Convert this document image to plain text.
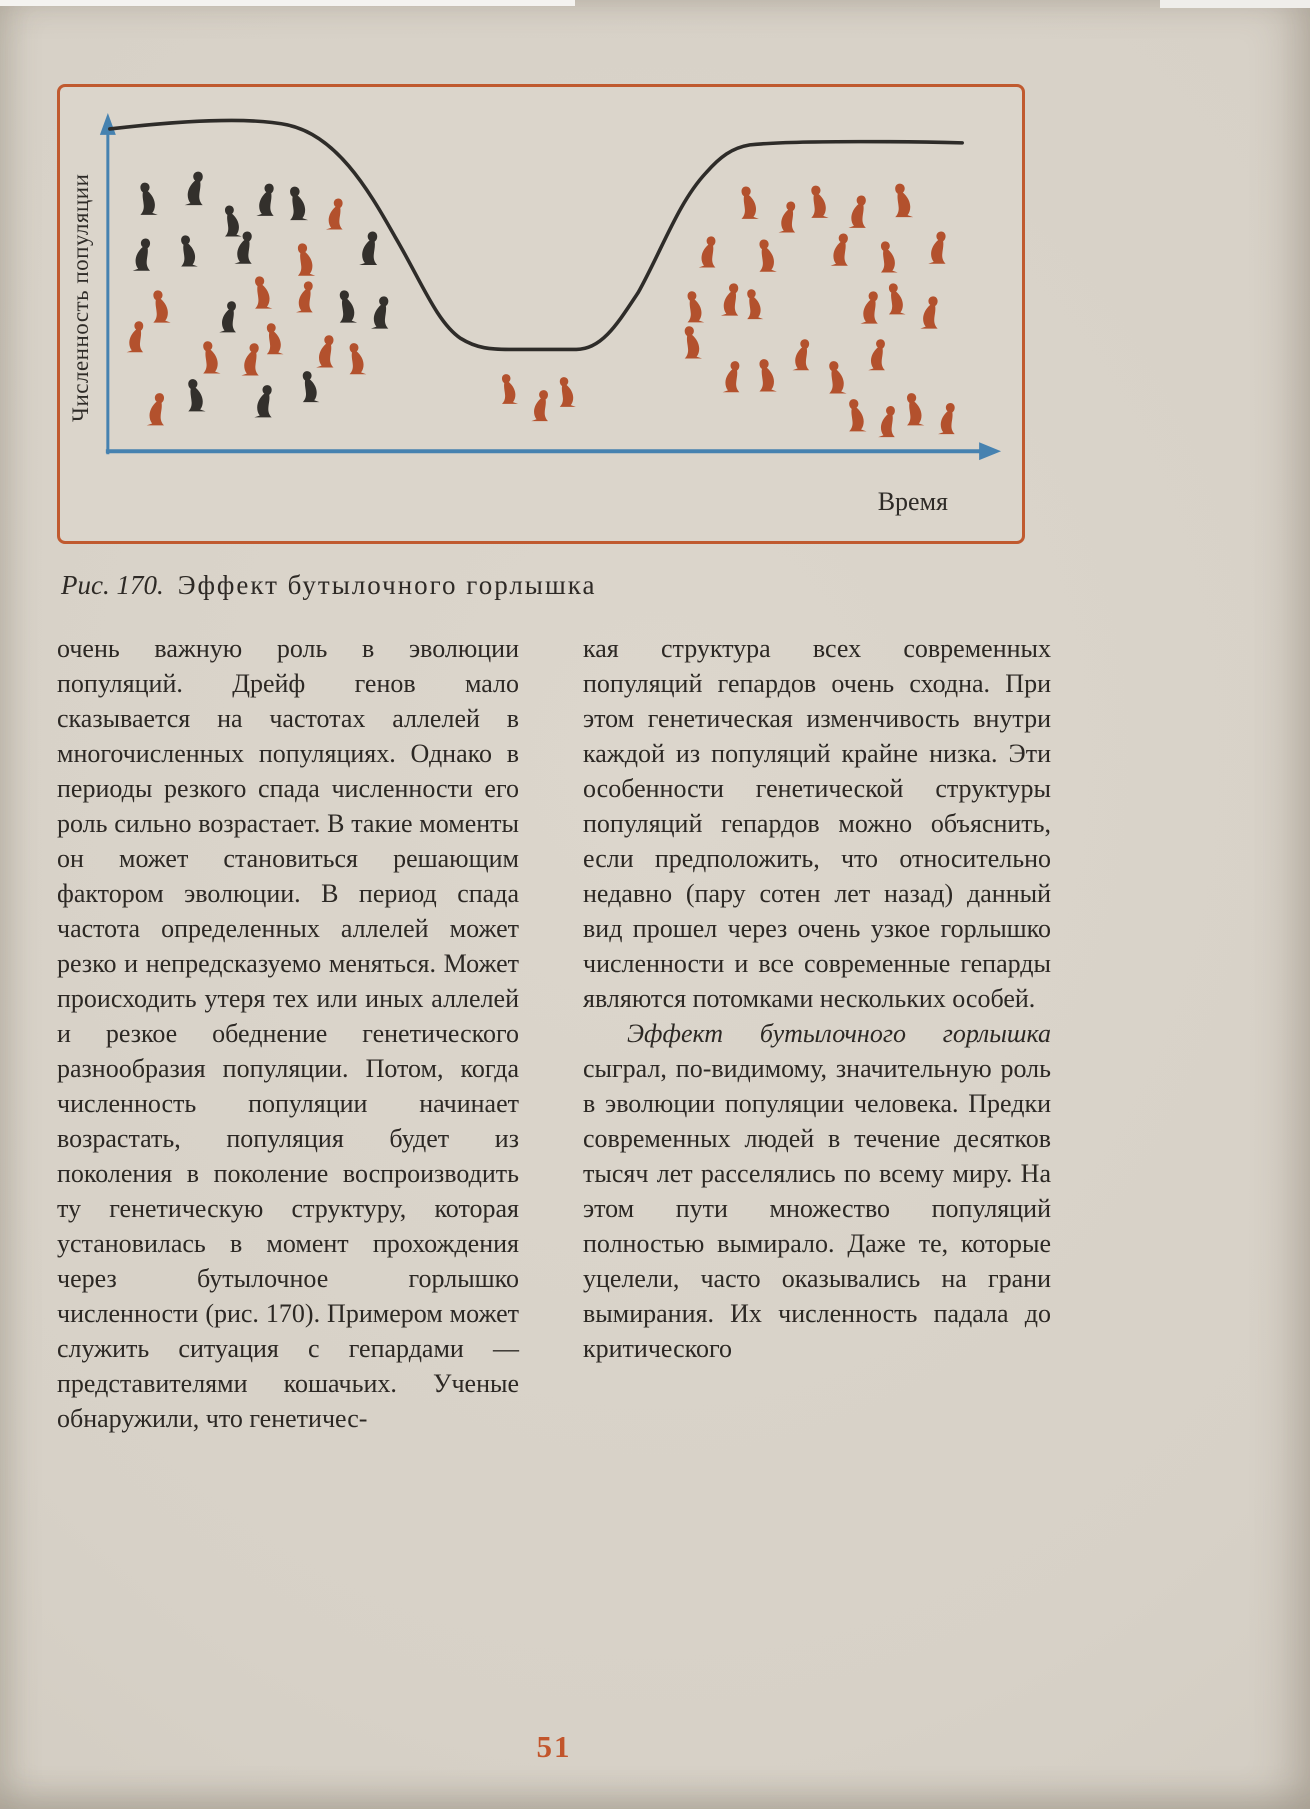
Численность популяции
Время
Рис. 170. Эффект бутылочного горлышка

очень важную роль в эволюции популяций. Дрейф генов мало сказывается на частотах аллелей в многочисленных популяциях. Однако в периоды резкого спада численности его роль сильно возрастает. В такие моменты он может становиться решающим фактором эволюции. В период спада частота определенных аллелей может резко и непредсказуемо меняться. Может происходить утеря тех или иных аллелей и резкое обеднение генетического разнообразия популяции. Потом, когда численность популяции начинает возрастать, популяция будет из поколения в поколение воспроизводить ту генетическую структуру, которая установилась в момент прохождения через бутылочное горлышко численности (рис. 170). Примером может служить ситуация с гепардами — представителями кошачьих. Ученые обнаружили, что генетичес-

кая структура всех современных популяций гепардов очень сходна. При этом генетическая изменчивость внутри каждой из популяций крайне низка. Эти особенности генетической структуры популяций гепардов можно объяснить, если предположить, что относительно недавно (пару сотен лет назад) данный вид прошел через очень узкое горлышко численности и все современные гепарды являются потомками нескольких особей.

Эффект бутылочного горлышка сыграл, по-видимому, значительную роль в эволюции популяции человека. Предки современных людей в течение десятков тысяч лет расселялись по всему миру. На этом пути множество популяций полностью вымирало. Даже те, которые уцелели, часто оказывались на грани вымирания. Их численность падала до критического

51
